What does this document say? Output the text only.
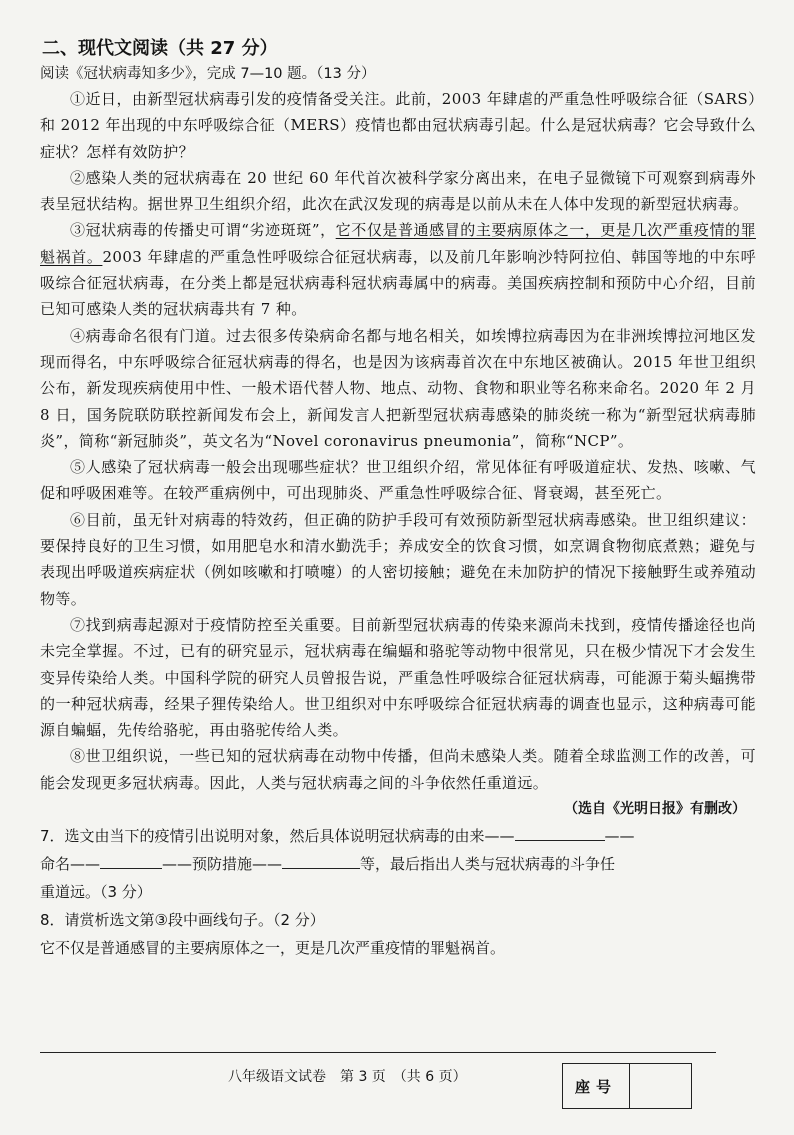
二、现代文阅读（共 27 分）
阅读《冠状病毒知多少》，完成 7—10 题。（13 分）

①近日，由新型冠状病毒引发的疫情备受关注。此前，2003 年肆虐的严重急性呼吸综合征（SARS）和 2012 年出现的中东呼吸综合征（MERS）疫情也都由冠状病毒引起。什么是冠状病毒？它会导致什么症状？怎样有效防护？

②感染人类的冠状病毒在 20 世纪 60 年代首次被科学家分离出来，在电子显微镜下可观察到病毒外表呈冠状结构。据世界卫生组织介绍，此次在武汉发现的病毒是以前从未在人体中发现的新型冠状病毒。

③冠状病毒的传播史可谓“劣迹斑斑”，它不仅是普通感冒的主要病原体之一，更是几次严重疫情的罪魁祸首。2003 年肆虐的严重急性呼吸综合征冠状病毒，以及前几年影响沙特阿拉伯、韩国等地的中东呼吸综合征冠状病毒，在分类上都是冠状病毒科冠状病毒属中的病毒。美国疾病控制和预防中心介绍，目前已知可感染人类的冠状病毒共有 7 种。

④病毒命名很有门道。过去很多传染病命名都与地名相关，如埃博拉病毒因为在非洲埃博拉河地区发现而得名，中东呼吸综合征冠状病毒的得名，也是因为该病毒首次在中东地区被确认。2015 年世卫组织公布，新发现疾病使用中性、一般术语代替人物、地点、动物、食物和职业等名称来命名。2020 年 2 月 8 日，国务院联防联控新闻发布会上，新闻发言人把新型冠状病毒感染的肺炎统一称为“新型冠状病毒肺炎”，简称“新冠肺炎”，英文名为“Novel coronavirus pneumonia”，简称“NCP”。

⑤人感染了冠状病毒一般会出现哪些症状？世卫组织介绍，常见体征有呼吸道症状、发热、咳嗽、气促和呼吸困难等。在较严重病例中，可出现肺炎、严重急性呼吸综合征、肾衰竭，甚至死亡。

⑥目前，虽无针对病毒的特效药，但正确的防护手段可有效预防新型冠状病毒感染。世卫组织建议：要保持良好的卫生习惯，如用肥皂水和清水勤洗手；养成安全的饮食习惯，如烹调食物彻底煮熟；避免与表现出呼吸道疾病症状（例如咳嗽和打喷嚏）的人密切接触；避免在未加防护的情况下接触野生或养殖动物等。

⑦找到病毒起源对于疫情防控至关重要。目前新型冠状病毒的传染来源尚未找到，疫情传播途径也尚未完全掌握。不过，已有的研究显示，冠状病毒在编蝠和骆驼等动物中很常见，只在极少情况下才会发生变异传染给人类。中国科学院的研究人员曾报告说，严重急性呼吸综合征冠状病毒，可能源于菊头蝠携带的一种冠状病毒，经果子狸传染给人。世卫组织对中东呼吸综合征冠状病毒的调查也显示，这种病毒可能源自蝙蝠，先传给骆驼，再由骆驼传给人类。

⑧世卫组织说，一些已知的冠状病毒在动物中传播，但尚未感染人类。随着全球监测工作的改善，可能会发现更多冠状病毒。因此，人类与冠状病毒之间的斗争依然任重道远。

（选自《光明日报》有删改）

7．选文由当下的疫情引出说明对象，然后具体说明冠状病毒的由来——	——
命名——	——预防措施——	等，最后指出人类与冠状病毒的斗争任
重道远。（3 分）

8．请赏析选文第③段中画线句子。（2 分）

它不仅是普通感冒的主要病原体之一，更是几次严重疫情的罪魁祸首。

八年级语文试卷　第 3 页　（共 6 页）
座号
